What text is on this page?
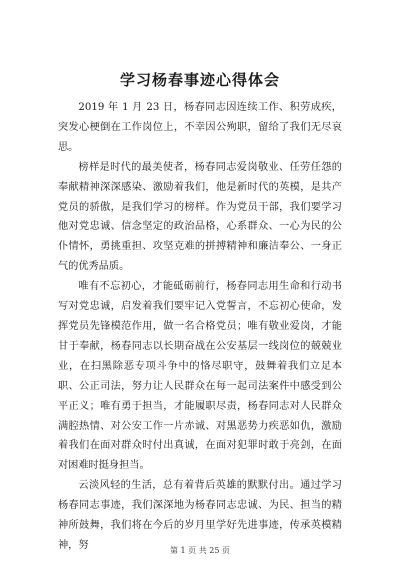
学习杨春事迹心得体会

2019 年 1 月 23 日，杨春同志因连续工作、积劳成疾，突发心梗倒在工作岗位上，不幸因公殉职，留给了我们无尽哀思。

榜样是时代的最美使者，杨春同志爱岗敬业、任劳任怨的奉献精神深深感染、激励着我们，他是新时代的英模，是共产党员的骄傲，是我们学习的榜样。作为党员干部，我们要学习他对党忠诚、信念坚定的政治品格，心系群众、一心为民的公仆情怀，勇挑重担、攻坚克难的拼搏精神和廉洁奉公、一身正气的优秀品质。

唯有不忘初心，才能砥砺前行，杨春同志用生命和行动书写对党忠诚，启发着我们要牢记入党誓言，不忘初心使命，发挥党员先锋模范作用，做一名合格党员；唯有敬业爱岗，才能甘于奉献，杨春同志以长期奋战在公安基层一线岗位的兢兢业业，在扫黑除恶专项斗争中的恪尽职守，鼓舞着我们立足本职、公正司法，努力让人民群众在每一起司法案件中感受到公平正义；唯有勇于担当，才能履职尽责，杨春同志对人民群众满腔热情、对公安工作一片赤诚、对黑恶势力疾恶如仇，激励着我们在面对群众时付出真诚，在面对犯罪时敢于亮剑，在面对困难时挺身担当。

云淡风轻的生活，总有着背后英雄的默默付出。通过学习杨春同志事迹，我们深深地为杨春同志忠诚、为民、担当的精神所鼓舞，我们将在今后的岁月里学好先进事迹，传承英模精神，努	第 1 页 共 25 页
